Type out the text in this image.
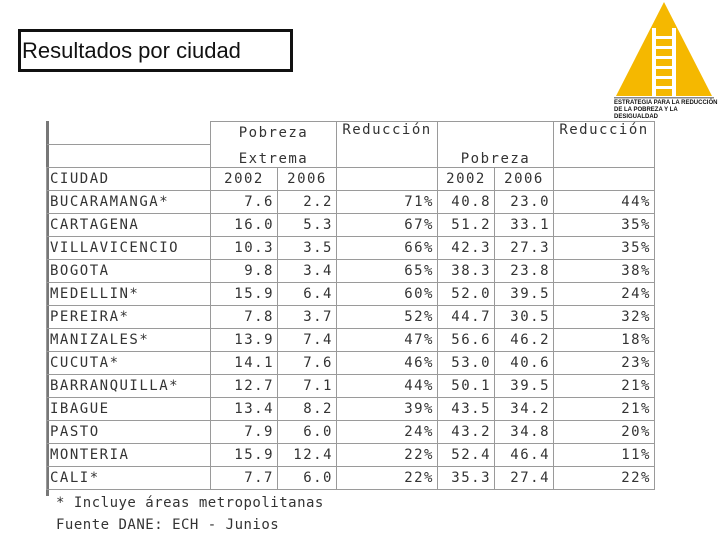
Resultados por ciudad
ESTRATEGIA PARA LA REDUCCIÓN
DE LA POBREZA Y LA DESIGUALDAD
	Pobreza		Reducción			Reducción
	Extrema			Pobreza		
CIUDAD	2002	2006		2002	2006	
BUCARAMANGA*	7.6	2.2	71%	40.8	23.0	44%
CARTAGENA	16.0	5.3	67%	51.2	33.1	35%
VILLAVICENCIO	10.3	3.5	66%	42.3	27.3	35%
BOGOTA	9.8	3.4	65%	38.3	23.8	38%
MEDELLIN*	15.9	6.4	60%	52.0	39.5	24%
PEREIRA*	7.8	3.7	52%	44.7	30.5	32%
MANIZALES*	13.9	7.4	47%	56.6	46.2	18%
CUCUTA*	14.1	7.6	46%	53.0	40.6	23%
BARRANQUILLA*	12.7	7.1	44%	50.1	39.5	21%
IBAGUE	13.4	8.2	39%	43.5	34.2	21%
PASTO	7.9	6.0	24%	43.2	34.8	20%
MONTERIA	15.9	12.4	22%	52.4	46.4	11%
CALI*	7.7	6.0	22%	35.3	27.4	22%
* Incluye áreas metropolitanas
Fuente DANE: ECH - Junios
